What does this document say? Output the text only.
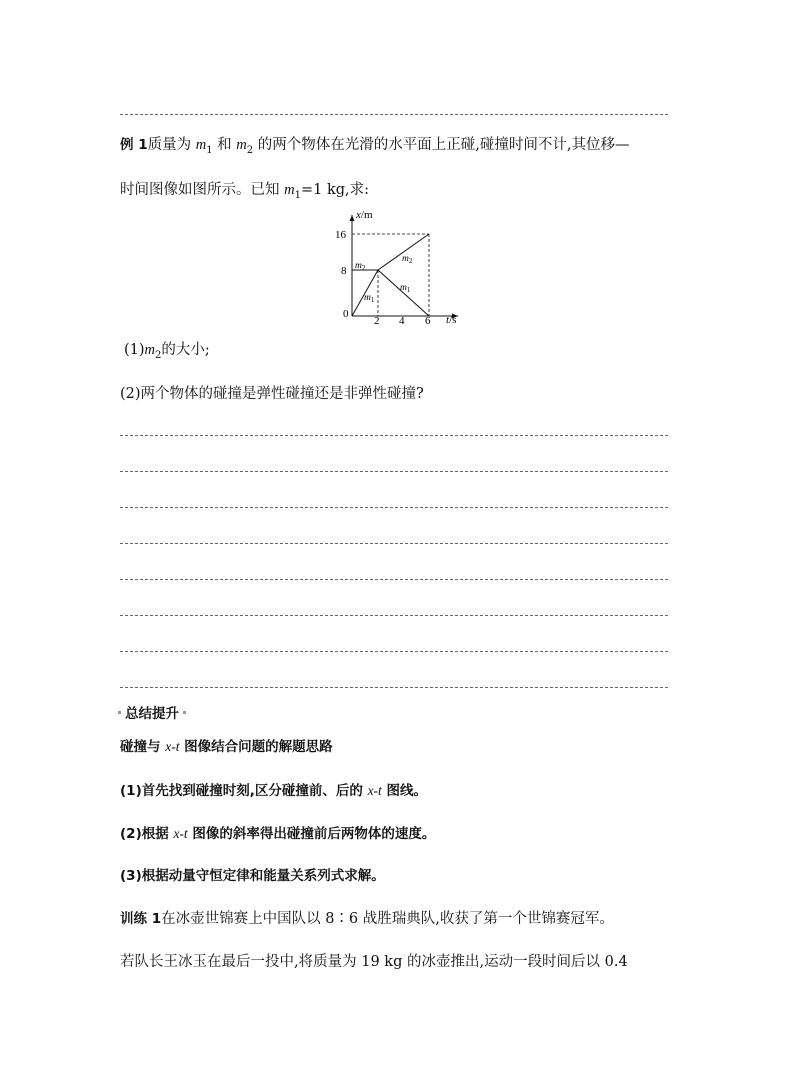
例 1质量为 $m_1$ 和 $m_2$ 的两个物体在光滑的水平面上正碰,碰撞时间不计,其位移—
时间图像如图所示。已知 $m_1=1$ kg,求:
x/m
t/s
16
8
0
2 4 6
$m_2$
$m_1$
$m_2$
$m_1$
$(1)m_2$的大小;
(2)两个物体的碰撞是弹性碰撞还是非弹性碰撞?
总结提升
碰撞与 x-t 图像结合问题的解题思路
(1)首先找到碰撞时刻,区分碰撞前、后的 x-t 图线。
(2)根据 x-t 图像的斜率得出碰撞前后两物体的速度。
(3)根据动量守恒定律和能量关系列式求解。
训练 1在冰壶世锦赛上中国队以 8∶6 战胜瑞典队,收获了第一个世锦赛冠军。
若队长王冰玉在最后一投中,将质量为 19 kg 的冰壶推出,运动一段时间后以 0.4
